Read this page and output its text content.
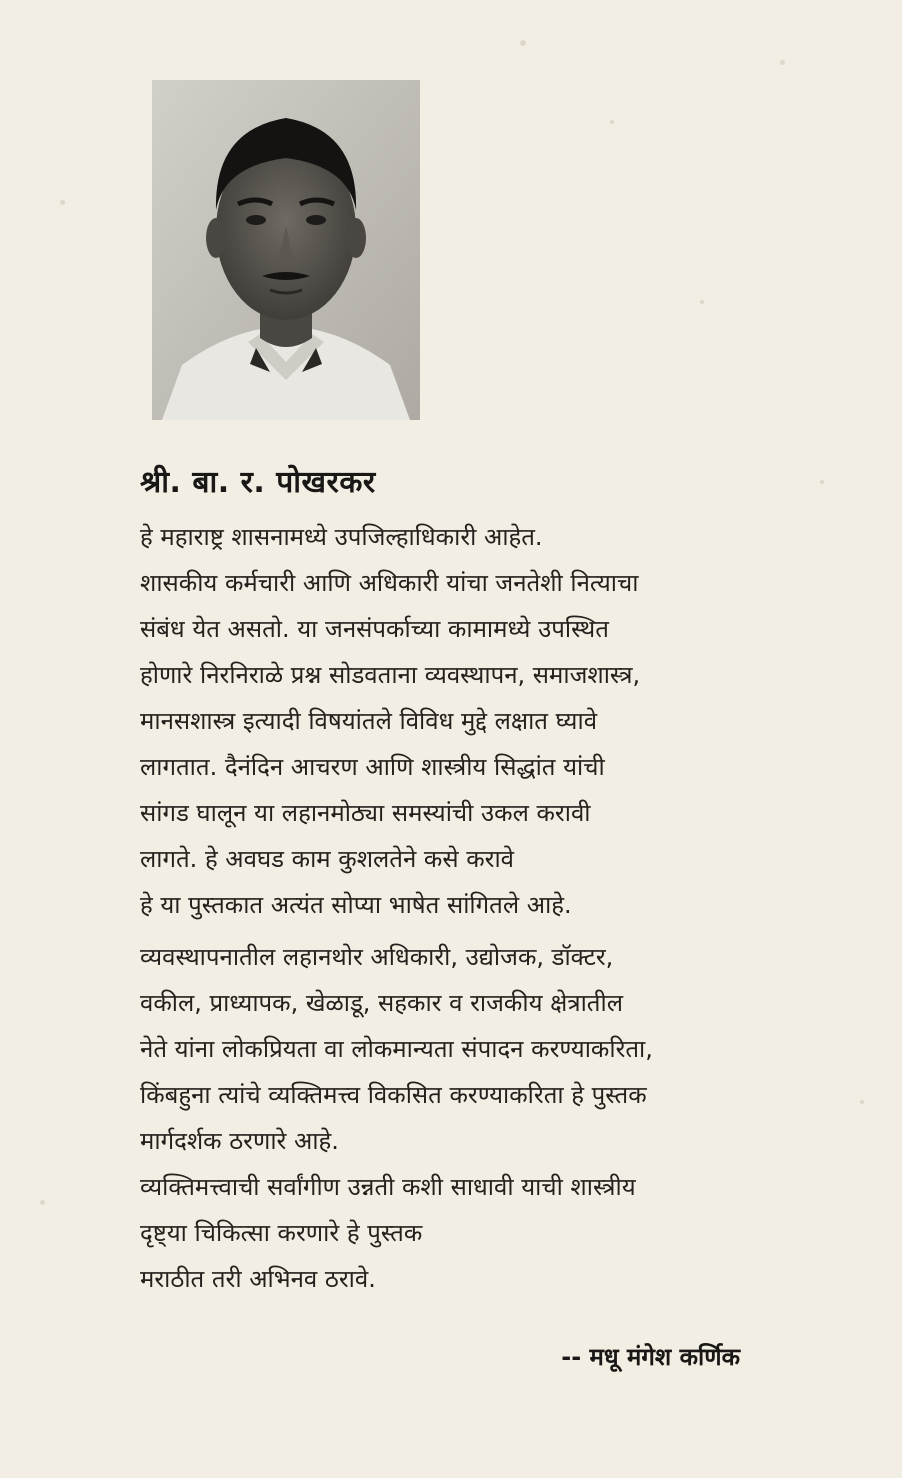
श्री. बा. र. पोखरकर
हे महाराष्ट्र शासनामध्ये उपजिल्हाधिकारी आहेत.
शासकीय कर्मचारी आणि अधिकारी यांचा जनतेशी नित्याचा
संबंध येत असतो. या जनसंपर्काच्या कामामध्ये उपस्थित
होणारे निरनिराळे प्रश्न सोडवताना व्यवस्थापन, समाजशास्त्र,
मानसशास्त्र इत्यादी विषयांतले विविध मुद्दे लक्षात घ्यावे
लागतात. दैनंदिन आचरण आणि शास्त्रीय सिद्धांत यांची
सांगड घालून या लहानमोठ्या समस्यांची उकल करावी
लागते. हे अवघड काम कुशलतेने कसे करावे
हे या पुस्तकात अत्यंत सोप्या भाषेत सांगितले आहे.
व्यवस्थापनातील लहानथोर अधिकारी, उद्योजक, डॉक्टर,
वकील, प्राध्यापक, खेळाडू, सहकार व राजकीय क्षेत्रातील
नेते यांना लोकप्रियता वा लोकमान्यता संपादन करण्याकरिता,
किंबहुना त्यांचे व्यक्तिमत्त्व विकसित करण्याकरिता हे पुस्तक
मार्गदर्शक ठरणारे आहे.
व्यक्तिमत्त्वाची सर्वांगीण उन्नती कशी साधावी याची शास्त्रीय
दृष्ट्या चिकित्सा करणारे हे पुस्तक
मराठीत तरी अभिनव ठरावे.
-- मधू मंगेश कर्णिक
